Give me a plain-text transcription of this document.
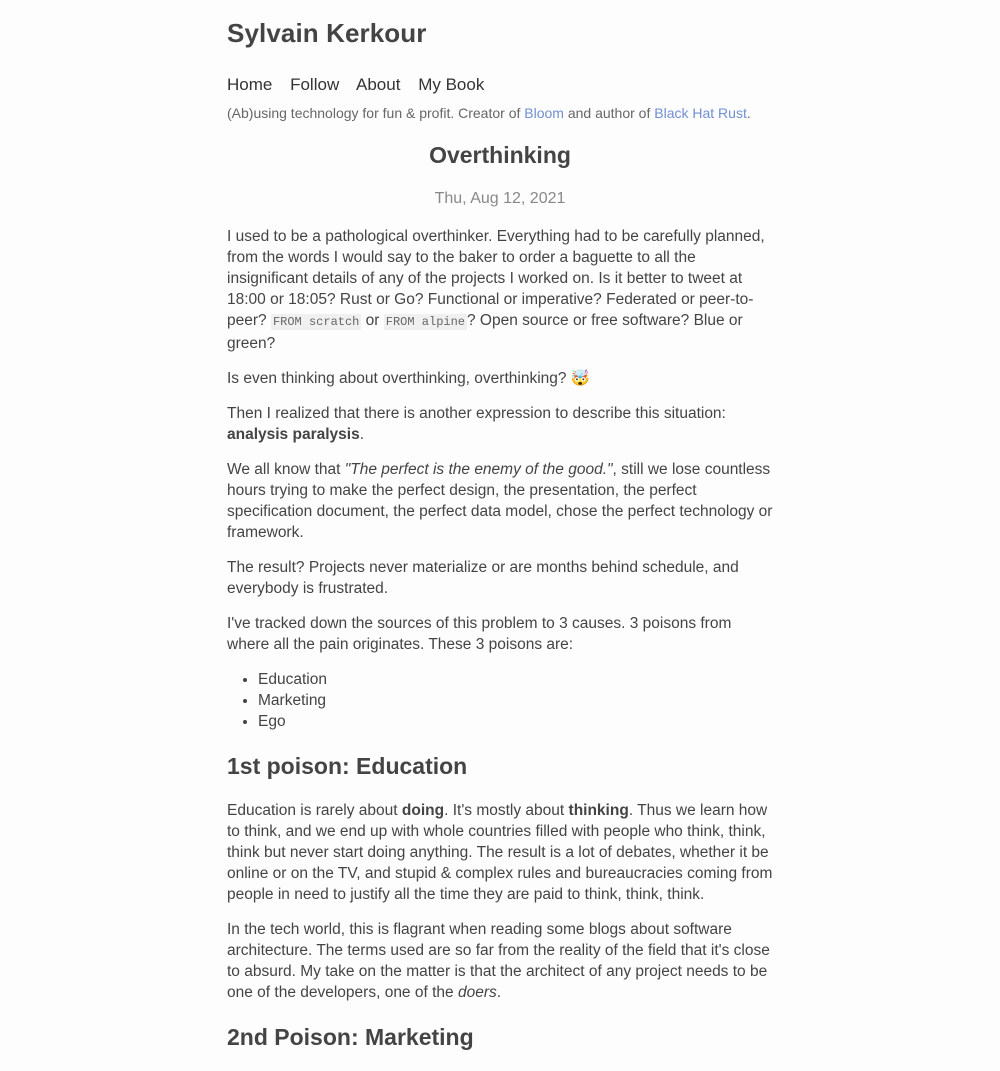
Sylvain Kerkour
Home Follow About My Book
(Ab)using technology for fun & profit. Creator of Bloom and author of Black Hat Rust.
Overthinking
Thu, Aug 12, 2021

I used to be a pathological overthinker. Everything had to be carefully planned, from the words I would say to the baker to order a baguette to all the insignificant details of any of the projects I worked on. Is it better to tweet at 18:00 or 18:05? Rust or Go? Functional or imperative? Federated or peer-to-peer? FROM scratch or FROM alpine ? Open source or free software? Blue or green?

Is even thinking about overthinking, overthinking? 🤯

Then I realized that there is another expression to describe this situation: analysis paralysis.

We all know that "The perfect is the enemy of the good.", still we lose countless hours trying to make the perfect design, the presentation, the perfect specification document, the perfect data model, chose the perfect technology or framework.

The result? Projects never materialize or are months behind schedule, and everybody is frustrated.

I've tracked down the sources of this problem to 3 causes. 3 poisons from where all the pain originates. These 3 poisons are:

• Education
• Marketing
• Ego
1st poison: Education

Education is rarely about doing. It's mostly about thinking. Thus we learn how to think, and we end up with whole countries filled with people who think, think, think but never start doing anything. The result is a lot of debates, whether it be online or on the TV, and stupid & complex rules and bureaucracies coming from people in need to justify all the time they are paid to think, think, think.

In the tech world, this is flagrant when reading some blogs about software architecture. The terms used are so far from the reality of the field that it's close to absurd. My take on the matter is that the architect of any project needs to be one of the developers, one of the doers.

2nd Poison: Marketing
